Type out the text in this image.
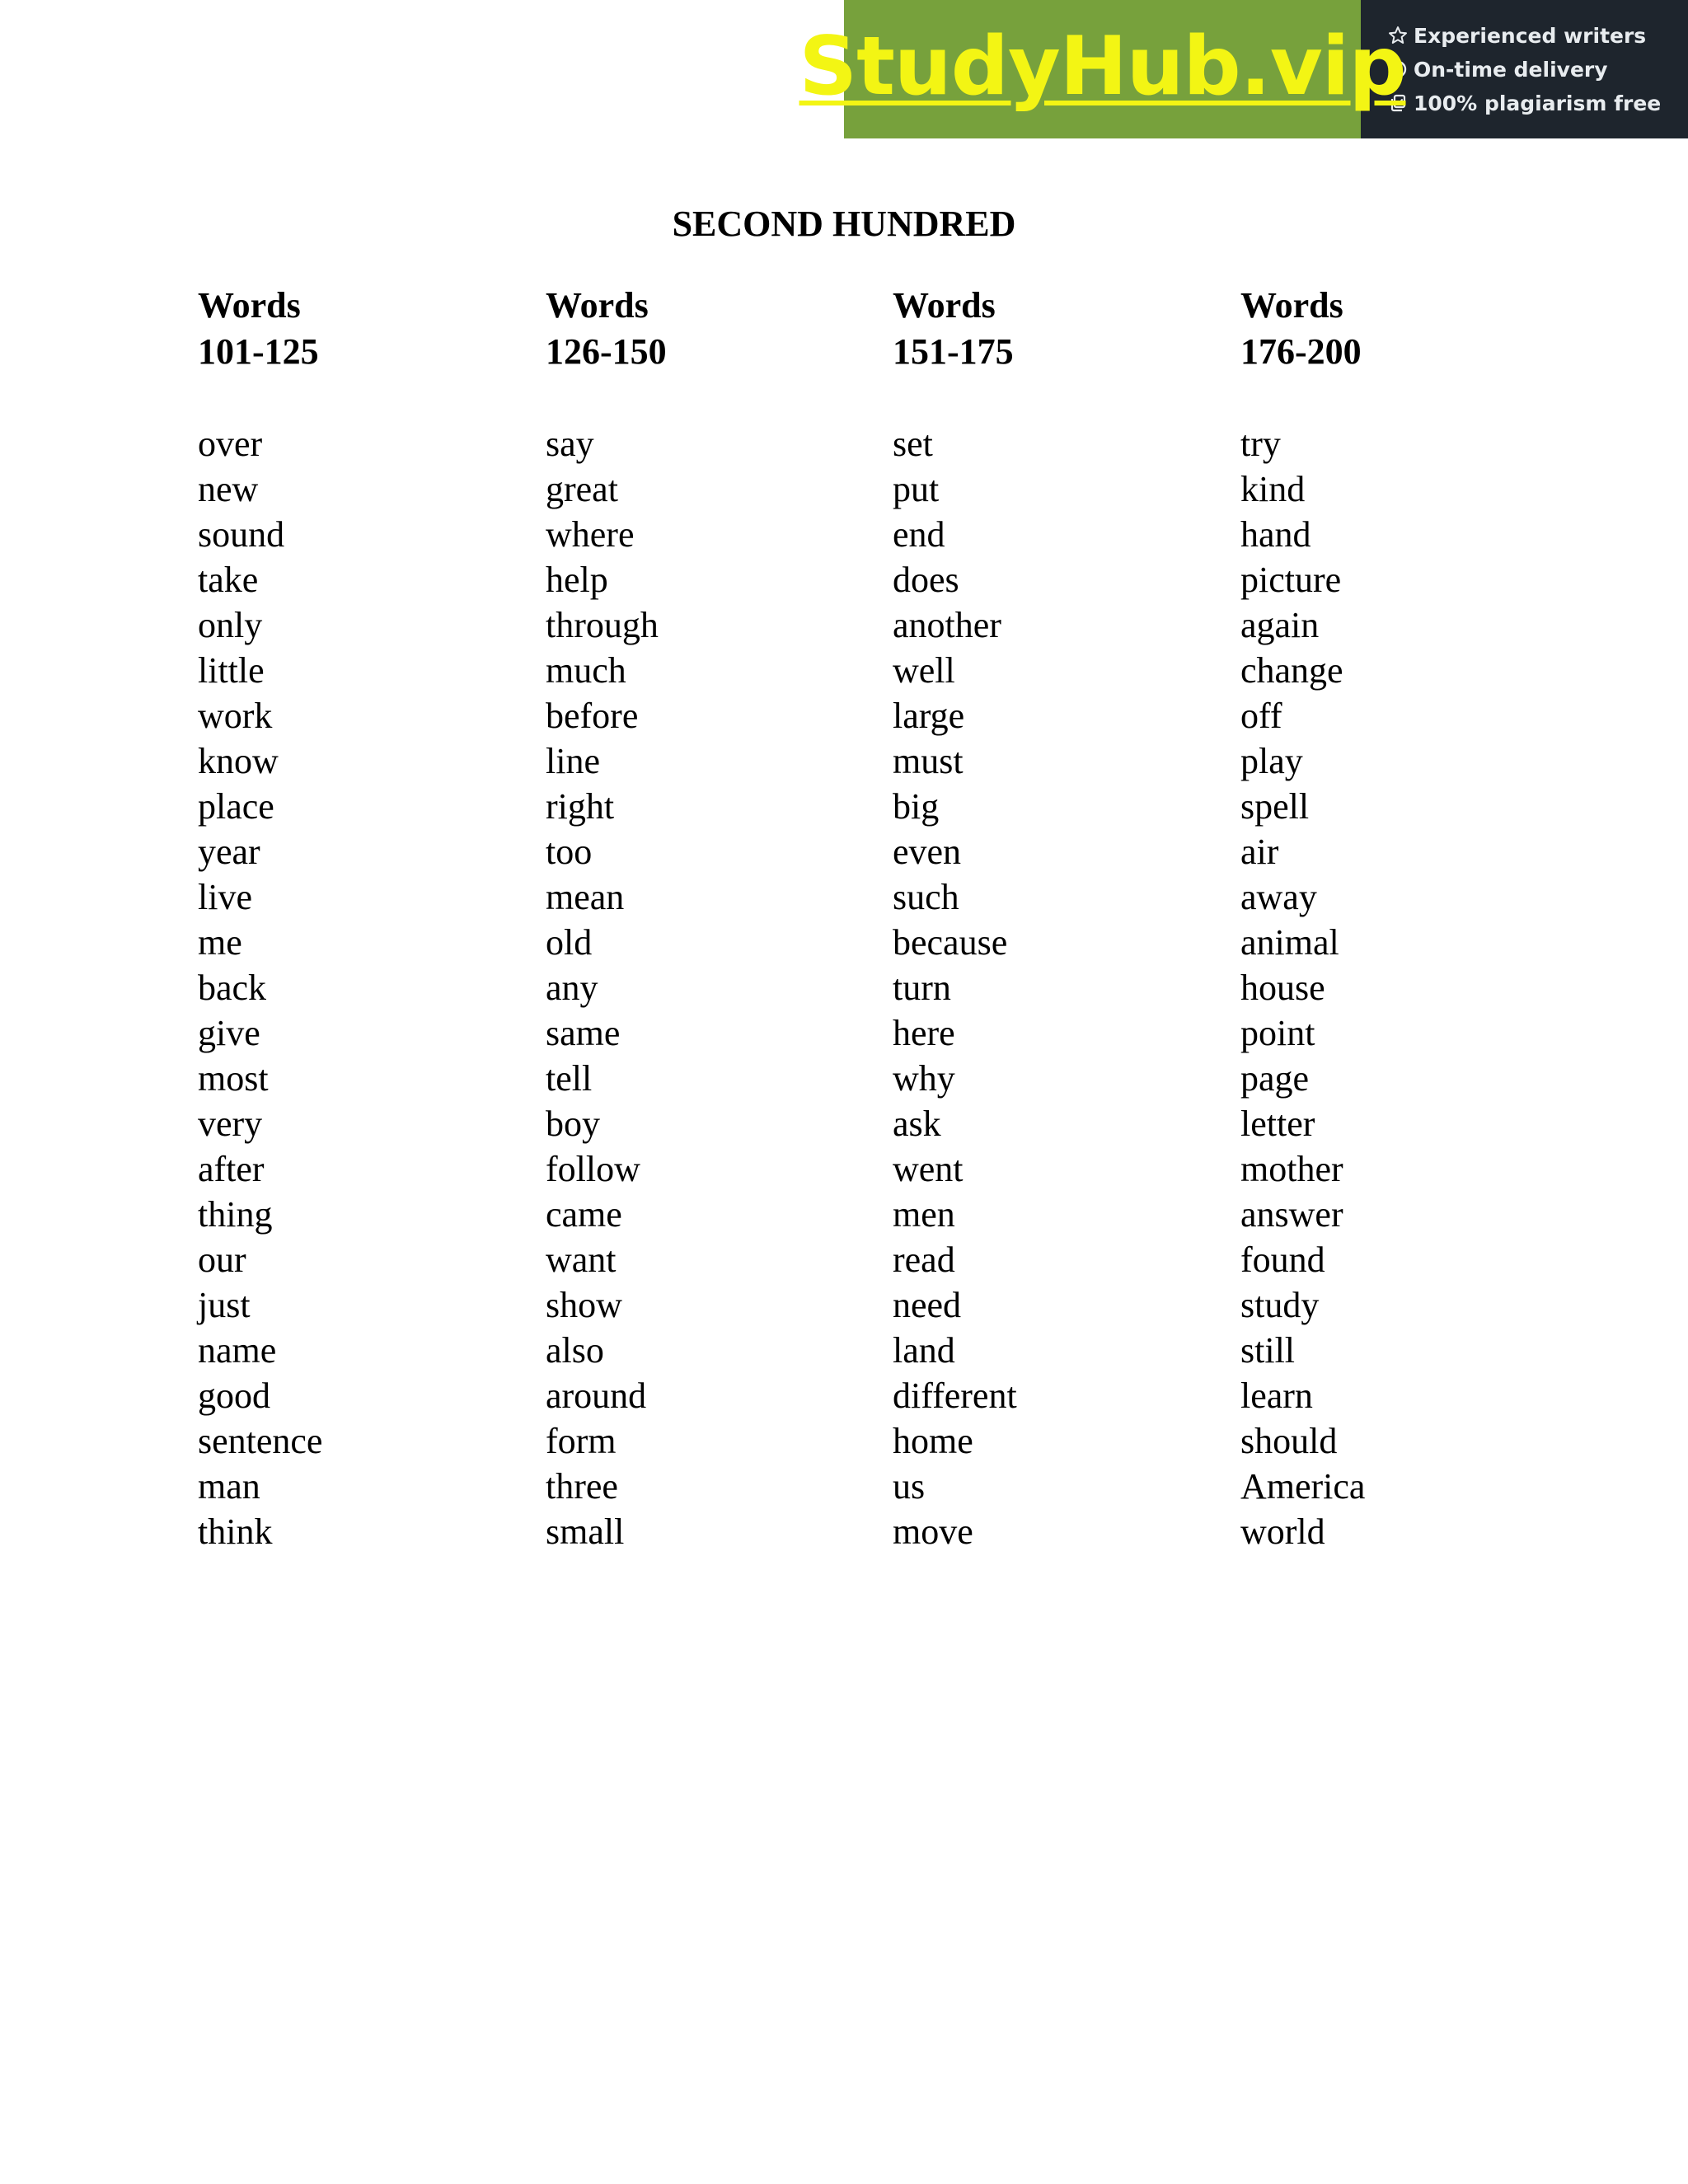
StudyHub.vip Experienced writers
On-time delivery
100% plagiarism free
SECOND HUNDRED
Words
101-125
over
new
sound
take
only
little
work
know
place
year
live
me
back
give
most
very
after
thing
our
just
name
good
sentence
man
think
Words
126-150
say
great
where
help
through
much
before
line
right
too
mean
old
any
same
tell
boy
follow
came
want
show
also
around
form
three
small
Words
151-175
set
put
end
does
another
well
large
must
big
even
such
because
turn
here
why
ask
went
men
read
need
land
different
home
us
move
Words
176-200
try
kind
hand
picture
again
change
off
play
spell
air
away
animal
house
point
page
letter
mother
answer
found
study
still
learn
should
America
world
